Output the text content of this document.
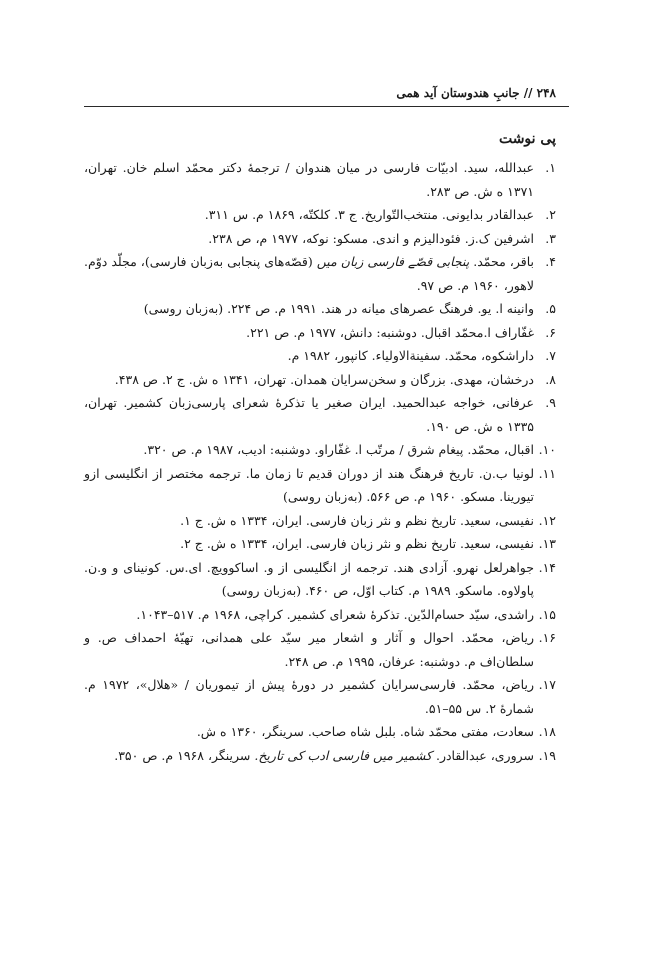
۲۴۸ // جانبِ هندوستان آید همی
پی نوشت
۱.
عبدالله، سید. ادبیّات فارسی در میان هندوان / ترجمهٔ دکتر محمّد اسلم خان. تهران، ۱۳۷۱ ه ش. ص ۲۸۳.
۲.
عبدالقادر بدایونی. منتخب‌التّواریخ. ج ۳. کلکتّه، ۱۸۶۹ م. س ۳۱۱.
۳.
اشرفین ک.ز. فئودالیزم و اندی. مسکو: نوکه، ۱۹۷۷ م، ص ۲۳۸.
۴.
باقر، محمّد. پنجابی قصّے فارسی زبان میں (قصّه‌های پنجابی به‌زبان فارسی)، مجلّد دوّم. لاهور، ۱۹۶۰ م. ص ۹۷.
۵.
وانینه ا. یو. فرهنگ عصرهای میانه در هند. ۱۹۹۱ م. ص ۲۲۴. (به‌زبان روسی)
۶.
غفّاراف ا.محمّد اقبال. دوشنبه: دانش، ۱۹۷۷ م. ص ۲۲۱.
۷.
داراشکوه، محمّد. سفینة‌الاولیاء. کانپور، ۱۹۸۲ م.
۸.
درخشان، مهدی. بزرگان و سخن‌سرایان همدان. تهران، ۱۳۴۱ ه ش. ج ۲. ص ۴۳۸.
۹.
عرفانی، خواجه عبدالحمید. ایران صغیر یا تذکرهٔ شعرای پارسی‌زبان کشمیر. تهران، ۱۳۳۵ ه ش. ص ۱۹۰.
۱۰.
اقبال، محمّد. پیغام شرق / مرتّب ا. غفّاراو. دوشنبه: ادیب، ۱۹۸۷ م. ص ۳۲۰.
۱۱.
لونیا ب.ن. تاریخ فرهنگ هند از دوران قدیم تا زمان ما. ترجمه مختصر از انگلیسی ازو تیورینا. مسکو. ۱۹۶۰ م. ص ۵۶۶. (به‌زبان روسی)
۱۲.
نفیسی، سعید. تاریخ نظم و نثر زبان فارسی. ایران، ۱۳۳۴ ه ش. ج ۱.
۱۳.
نفیسی، سعید. تاریخ نظم و نثر زبان فارسی. ایران، ۱۳۳۴ ه ش. ج ۲.
۱۴.
جواهرلعل نهرو. آزادی هند. ترجمه از انگلیسی از و. اساکوویچ. ای.س. کونینای و و.ن. پاولاوه. ماسکو. ۱۹۸۹ م. کتاب اوّل، ص ۴۶۰. (به‌زبان روسی)
۱۵.
راشدی، سیّد حسام‌الدّین. تذکرهٔ شعرای کشمیر. کراچی، ۱۹۶۸ م. ۵۱۷–۱۰۴۳.
۱۶.
ریاض، محمّد. احوال و آثار و اشعار میر سیّد علی همدانی، تهیّهٔ احمداف ص. و سلطان‌اف م. دوشنبه: عرفان، ۱۹۹۵ م. ص ۲۴۸.
۱۷.
ریاض، محمّد. فارسی‌سرایان کشمیر در دورهٔ پیش از تیموریان / «هلال»، ۱۹۷۲ م. شمارهٔ ۲. س ۵۵–۵۱.
۱۸.
سعادت، مفتی محمّد شاه. بلبل شاه صاحب. سرینگر، ۱۳۶۰ ه ش.
۱۹.
سروری، عبدالقادر. کشمیر میں فارسی ادب کی تاریخ. سرینگر، ۱۹۶۸ م. ص ۳۵۰.
